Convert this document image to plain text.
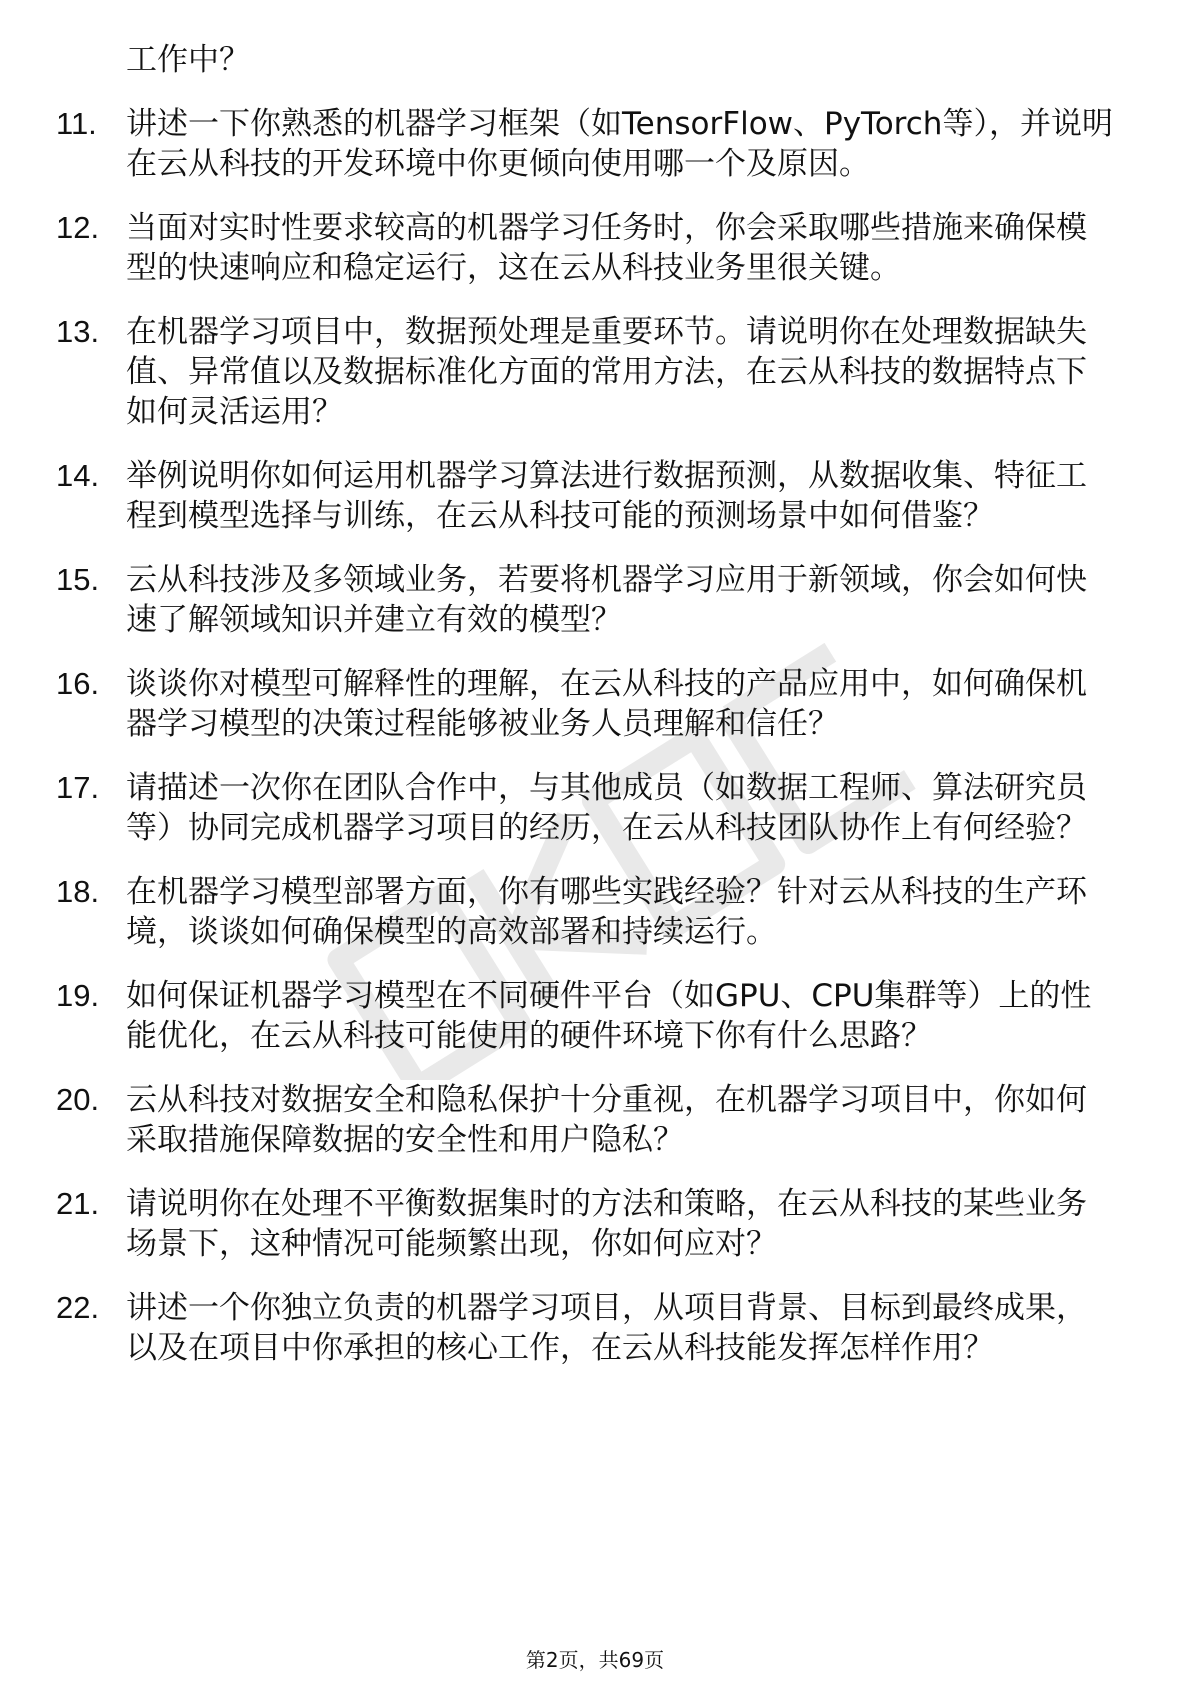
工作中？
11. 讲述一下你熟悉的机器学习框架（如TensorFlow、PyTorch等），并说明在云从科技的开发环境中你更倾向使用哪一个及原因。
12. 当面对实时性要求较高的机器学习任务时，你会采取哪些措施来确保模型的快速响应和稳定运行，这在云从科技业务里很关键。
13. 在机器学习项目中，数据预处理是重要环节。请说明你在处理数据缺失值、异常值以及数据标准化方面的常用方法，在云从科技的数据特点下如何灵活运用？
14. 举例说明你如何运用机器学习算法进行数据预测，从数据收集、特征工程到模型选择与训练，在云从科技可能的预测场景中如何借鉴？
15. 云从科技涉及多领域业务，若要将机器学习应用于新领域，你会如何快速了解领域知识并建立有效的模型？
16. 谈谈你对模型可解释性的理解，在云从科技的产品应用中，如何确保机器学习模型的决策过程能够被业务人员理解和信任？
17. 请描述一次你在团队合作中，与其他成员（如数据工程师、算法研究员等）协同完成机器学习项目的经历，在云从科技团队协作上有何经验？
18. 在机器学习模型部署方面，你有哪些实践经验？针对云从科技的生产环境，谈谈如何确保模型的高效部署和持续运行。
19. 如何保证机器学习模型在不同硬件平台（如GPU、CPU集群等）上的性能优化，在云从科技可能使用的硬件环境下你有什么思路？
20. 云从科技对数据安全和隐私保护十分重视，在机器学习项目中，你如何采取措施保障数据的安全性和用户隐私？
21. 请说明你在处理不平衡数据集时的方法和策略，在云从科技的某些业务场景下，这种情况可能频繁出现，你如何应对？
22. 讲述一个你独立负责的机器学习项目，从项目背景、目标到最终成果，以及在项目中你承担的核心工作，在云从科技能发挥怎样作用？
第2页，共69页
